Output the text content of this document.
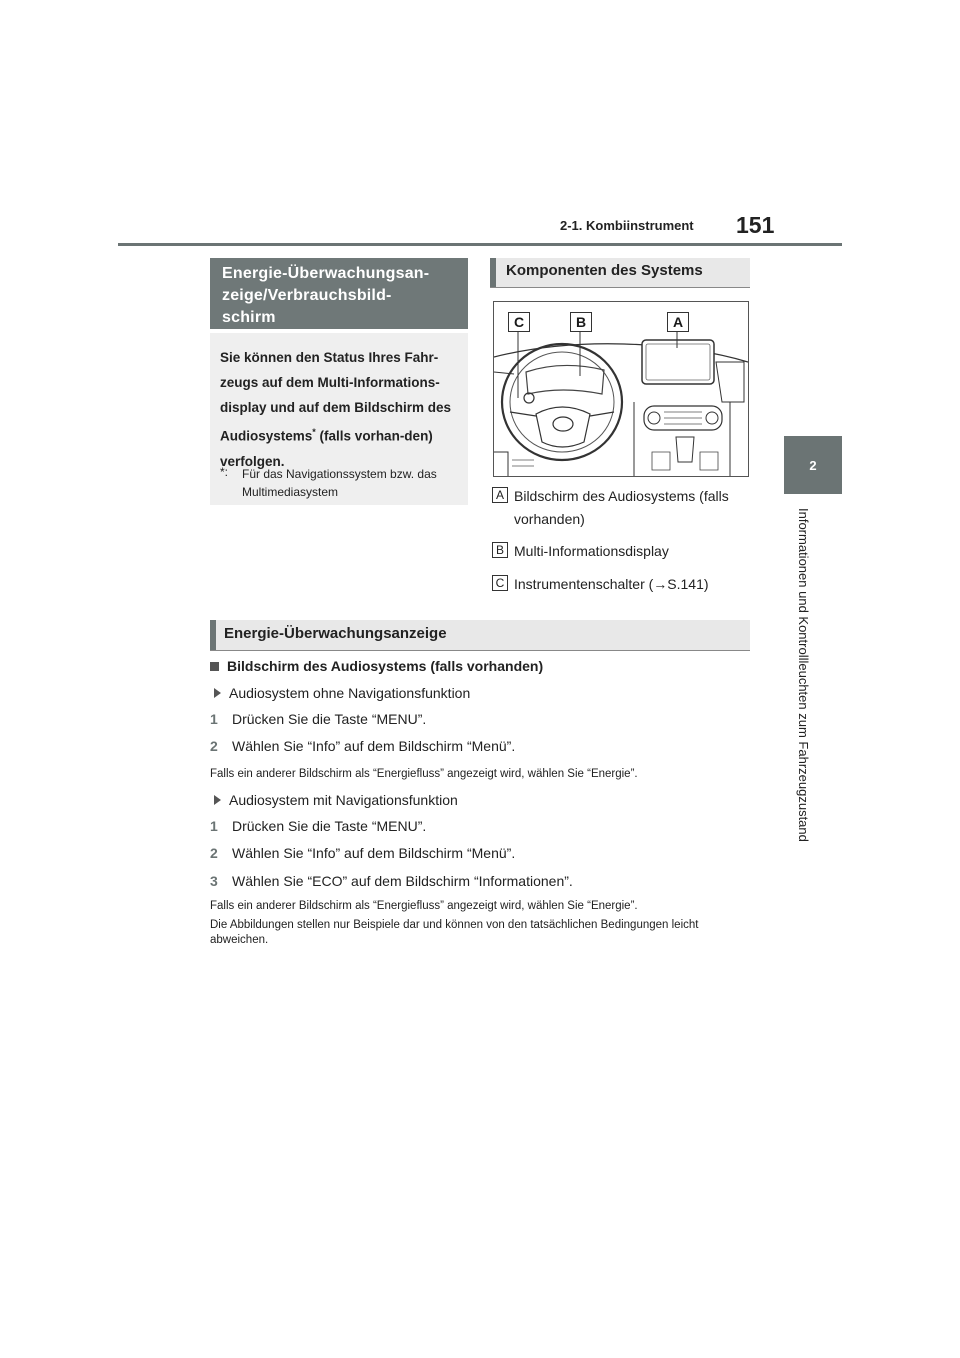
2-1. Kombiinstrument 151
2
Informationen und Kontrollleuchten zum Fahrzeugzustand
Energie-Überwachungsan-
zeige/Verbrauchsbild-
schirm
Sie können den Status Ihres Fahr-zeugs auf dem Multi-Informations-display und auf dem Bildschirm des Audiosystems* (falls vorhan-den) verfolgen.
*:	Für das Navigationssystem bzw. das Multimediasystem
Komponenten des Systems
C	B	A
A Bildschirm des Audiosystems (falls vorhanden)
B Multi-Informationsdisplay
C Instrumentenschalter (→S.141)
Energie-Überwachungsanzeige
Bildschirm des Audiosystems (falls vorhanden)
Audiosystem ohne Navigationsfunktion
1 Drücken Sie die Taste “MENU”.
2 Wählen Sie “Info” auf dem Bildschirm “Menü”.
Falls ein anderer Bildschirm als “Energiefluss” angezeigt wird, wählen Sie “Energie”.
Audiosystem mit Navigationsfunktion
1 Drücken Sie die Taste “MENU”.
2 Wählen Sie “Info” auf dem Bildschirm “Menü”.
3 Wählen Sie “ECO” auf dem Bildschirm “Informationen”.
Falls ein anderer Bildschirm als “Energiefluss” angezeigt wird, wählen Sie “Energie”.
Die Abbildungen stellen nur Beispiele dar und können von den tatsächlichen Bedingungen leicht abweichen.
